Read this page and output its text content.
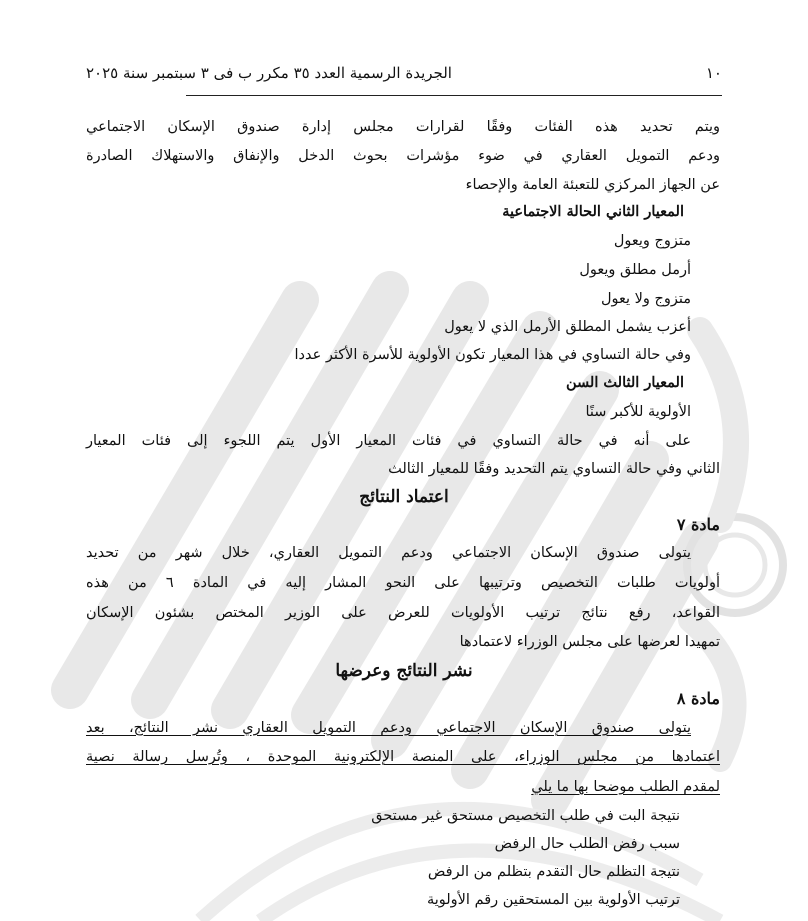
١٠
الجريدة الرسمية العدد ٣٥ مكرر ب فى ٣ سبتمبر سنة ٢٠٢٥
ويتم تحديد هذه الفئات وفقًا لقرارات مجلس إدارة صندوق الإسكان الاجتماعي
ودعم التمويل العقاري في ضوء مؤشرات بحوث الدخل والإنفاق والاستهلاك الصادرة
عن الجهاز المركزي للتعبئة العامة والإحصاء
المعيار الثاني الحالة الاجتماعية
متزوج ويعول
أرمل مطلق ويعول
متزوج ولا يعول
أعزب يشمل المطلق الأرمل الذي لا يعول
وفي حالة التساوي في هذا المعيار تكون الأولوية للأسرة الأكثر عددا
المعيار الثالث السن
الأولوية للأكبر سنًا
على أنه في حالة التساوي في فئات المعيار الأول يتم اللجوء إلى فئات المعيار
الثاني وفي حالة التساوي يتم التحديد وفقًا للمعيار الثالث
اعتماد النتائج
مادة ٧
يتولى صندوق الإسكان الاجتماعي ودعم التمويل العقاري، خلال شهر من تحديد
أولويات طلبات التخصيص وترتيبها على النحو المشار إليه في المادة ٦ من هذه
القواعد، رفع نتائج ترتيب الأولويات للعرض على الوزير المختص بشئون الإسكان
تمهيدا لعرضها على مجلس الوزراء لاعتمادها
نشر النتائج وعرضها
مادة ٨
يتولى صندوق الإسكان الاجتماعي ودعم التمويل العقاري نشر النتائج، بعد
اعتمادها من مجلس الوزراء، على المنصة الإلكترونية الموحدة ، وتُرسل رسالة نصية
لمقدم الطلب موضحا بها ما يلي
نتيجة البت في طلب التخصيص مستحق غير مستحق
سبب رفض الطلب حال الرفض
نتيجة التظلم حال التقدم بتظلم من الرفض
ترتيب الأولوية بين المستحقين رقم الأولوية
